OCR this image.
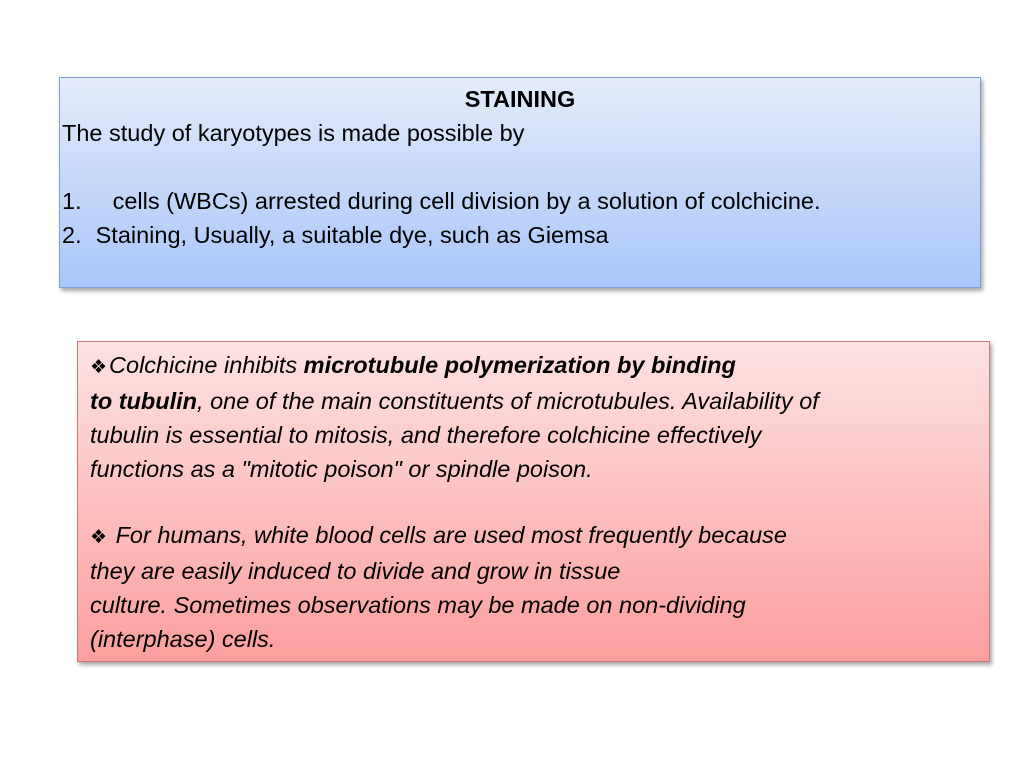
STAINING
The study of karyotypes is made possible by
1. cells (WBCs) arrested during cell division by a solution of colchicine.
2. Staining, Usually, a suitable dye, such as Giemsa
❖Colchicine inhibits microtubule polymerization by binding
to tubulin, one of the main constituents of microtubules. Availability of
tubulin is essential to mitosis, and therefore colchicine effectively
functions as a "mitotic poison" or spindle poison.
❖ For humans, white blood cells are used most frequently because
they are easily induced to divide and grow in tissue
culture. Sometimes observations may be made on non-dividing
(interphase) cells.
